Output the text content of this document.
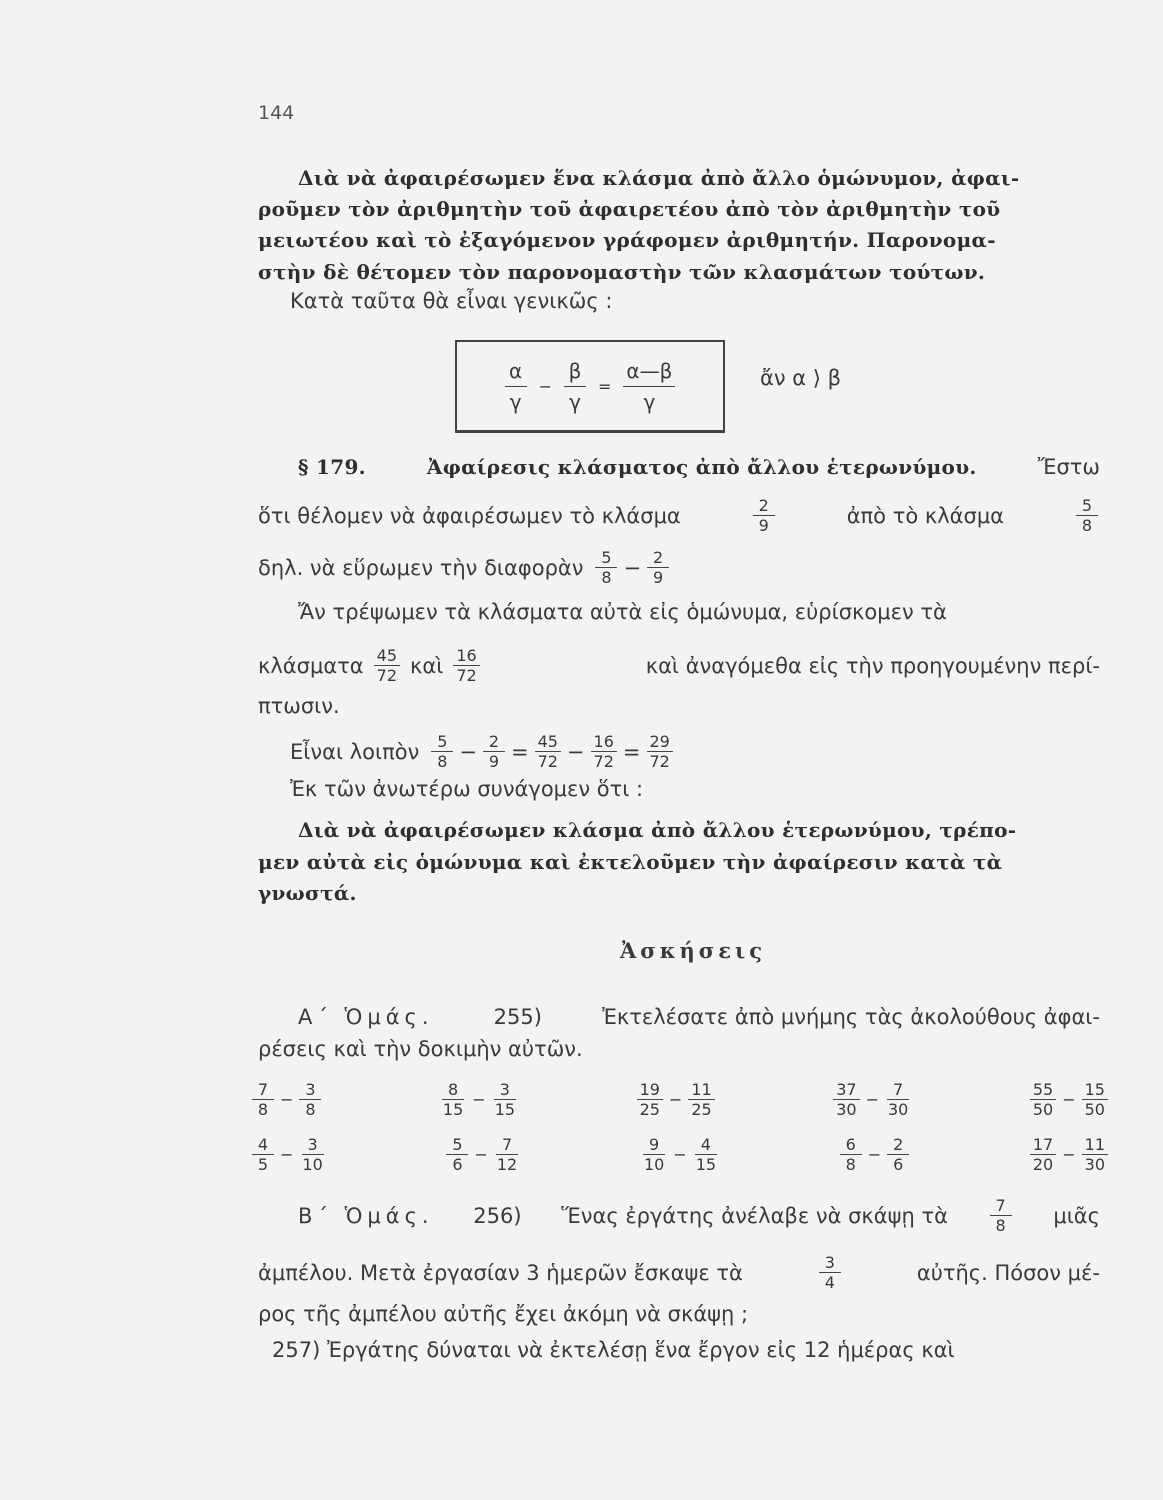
144
Διὰ νὰ ἀφαιρέσωμεν ἕνα κλάσμα ἀπὸ ἄλλο ὁμώνυμον, ἀφαι-
ροῦμεν τὸν ἀριθμητὴν τοῦ ἀφαιρετέου ἀπὸ τὸν ἀριθμητὴν τοῦ
μειωτέου καὶ τὸ ἐξαγόμενον γράφομεν ἀριθμητήν. Παρονομα-
στὴν δὲ θέτομεν τὸν παρονομαστὴν τῶν κλασμάτων τούτων.
Κατὰ ταῦτα θὰ εἶναι γενικῶς :
$\frac{\alpha}{\gamma} - \frac{\beta}{\gamma} = \frac{\alpha—\beta}{\gamma}$	ἄν α ⟩ β
§ 179.	Ἀφαίρεσις κλάσματος ἀπὸ ἄλλου ἑτερωνύμου.	Ἔστω
ὅτι θέλομεν νὰ ἀφαιρέσωμεν τὸ κλάσμα	$\frac{2}{9}$	ἀπὸ τὸ κλάσμα	$\frac{5}{8}$
δηλ. νὰ εὕρωμεν τὴν διαφορὰν $\frac{5}{8} - \frac{2}{9}$
Ἄν τρέψωμεν τὰ κλάσματα αὐτὰ εἰς ὁμώνυμα, εὑρίσκομεν τὰ
κλάσματα $\frac{45}{72}$ καὶ $\frac{16}{72}$	καὶ ἀναγόμεθα εἰς τὴν προηγουμένην περί-
πτωσιν.
Εἶναι λοιπὸν $\frac{5}{8} - \frac{2}{9} = \frac{45}{72} - \frac{16}{72} = \frac{29}{72}$
Ἐκ τῶν ἀνωτέρω συνάγομεν ὅτι :
Διὰ νὰ ἀφαιρέσωμεν κλάσμα ἀπὸ ἄλλου ἑτερωνύμου, τρέπο-
μεν αὐτὰ εἰς ὁμώνυμα καὶ ἐκτελοῦμεν τὴν ἀφαίρεσιν κατὰ τὰ
γνωστά.
Ἀσκήσεις
Α΄ Ὁμάς.	255)	Ἐκτελέσατε ἀπὸ μνήμης τὰς ἀκολούθους ἀφαι-
ρέσεις καὶ τὴν δοκιμὴν αὐτῶν.
$\frac{7}{8} - \frac{3}{8}$	$\frac{8}{15} - \frac{3}{15}$	$\frac{19}{25} - \frac{11}{25}$	$\frac{37}{30} - \frac{7}{30}$	$\frac{55}{50} - \frac{15}{50}$
$\frac{4}{5} - \frac{3}{10}$	$\frac{5}{6} - \frac{7}{12}$	$\frac{9}{10} - \frac{4}{15}$	$\frac{6}{8} - \frac{2}{6}$	$\frac{17}{20} - \frac{11}{30}$
Β΄ Ὁμάς. 256) Ἕνας ἐργάτης ἀνέλαβε νὰ σκάψῃ τὰ	$\frac{7}{8}$ μιᾶς
ἀμπέλου. Μετὰ ἐργασίαν 3 ἡμερῶν ἔσκαψε τὰ	$\frac{3}{4}$	αὐτῆς. Πόσον μέ-
ρος τῆς ἀμπέλου αὐτῆς ἔχει ἀκόμη νὰ σκάψῃ ;
257) Ἐργάτης δύναται νὰ ἐκτελέσῃ ἕνα ἔργον εἰς 12 ἡμέρας καὶ
